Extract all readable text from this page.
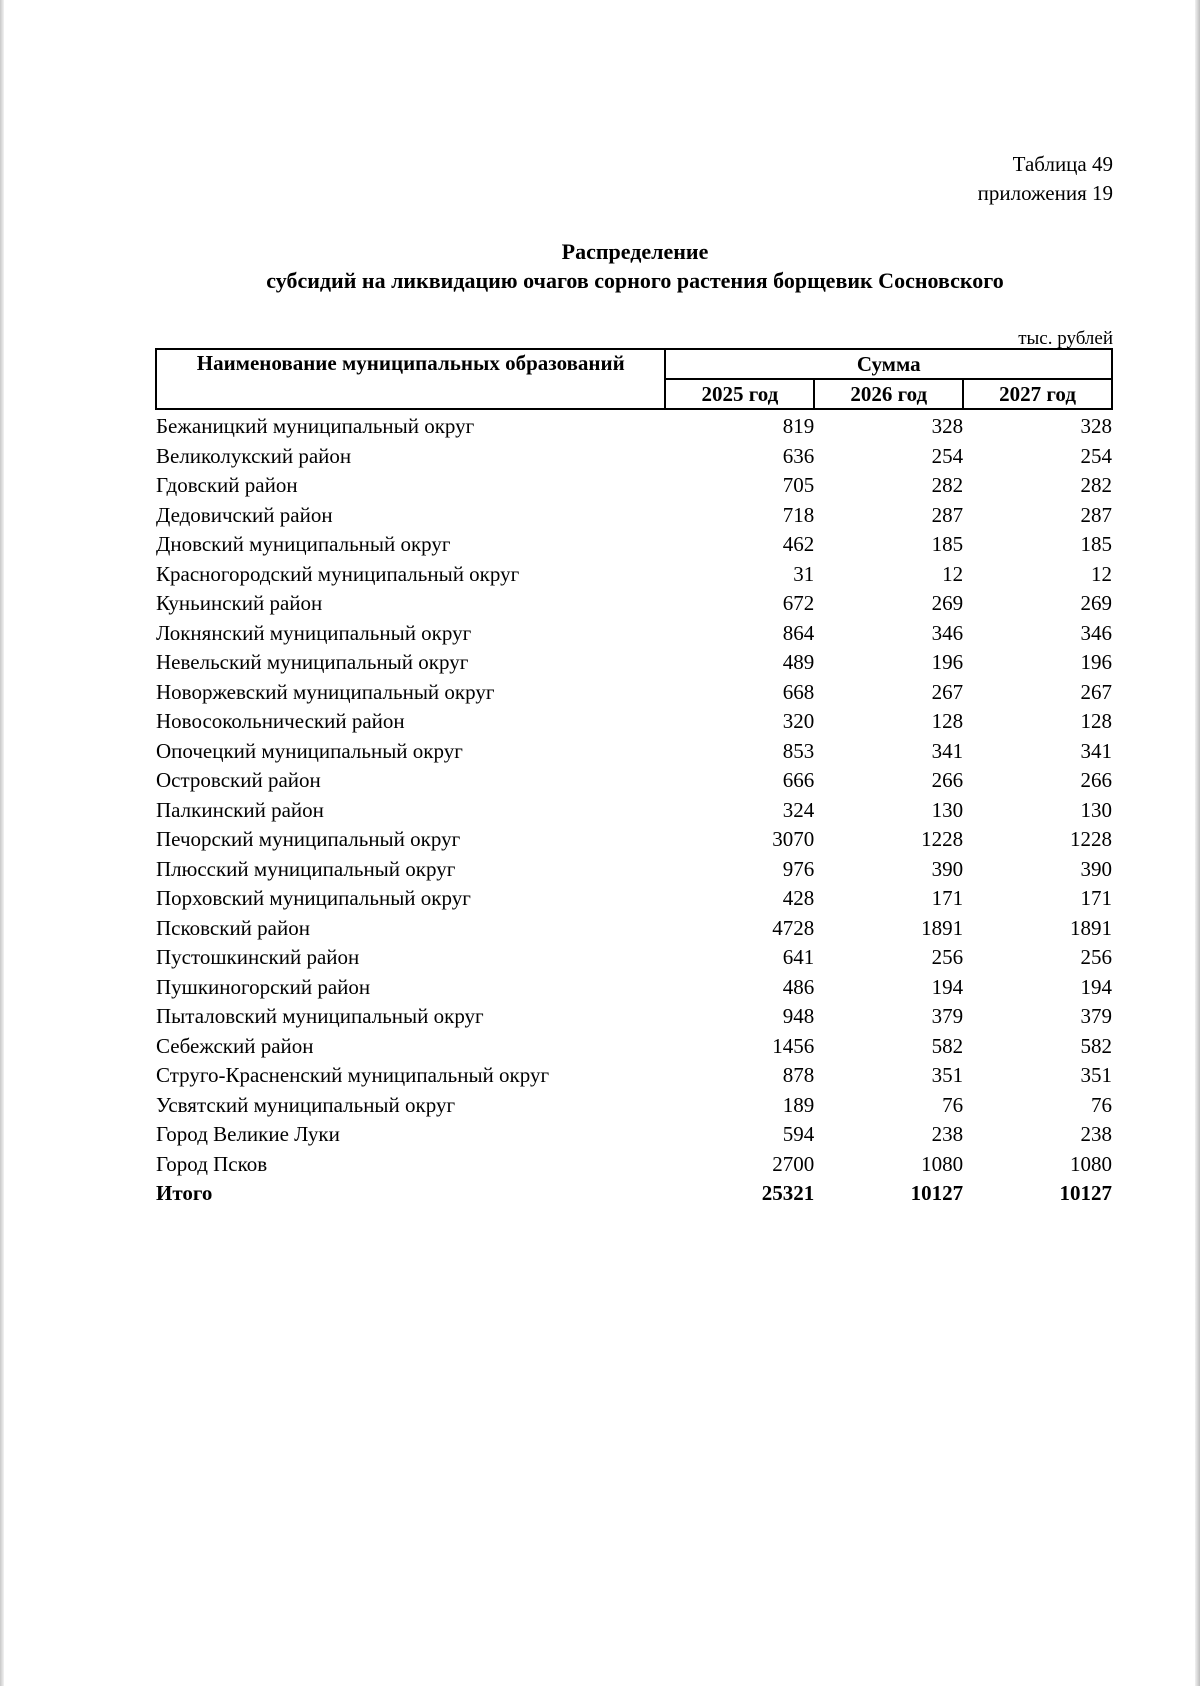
Таблица 49
приложения 19
Распределение
субсидий на ликвидацию очагов сорного растения борщевик Сосновского
тыс. рублей
Наименование муниципальных образований	Сумма		
	2025 год	2026 год	2027 год
Бежаницкий муниципальный округ	819	328	328
Великолукский район	636	254	254
Гдовский район	705	282	282
Дедовичский район	718	287	287
Дновский муниципальный округ	462	185	185
Красногородский муниципальный округ	31	12	12
Куньинский район	672	269	269
Локнянский муниципальный округ	864	346	346
Невельский муниципальный округ	489	196	196
Новоржевский муниципальный округ	668	267	267
Новосокольнический район	320	128	128
Опочецкий муниципальный округ	853	341	341
Островский район	666	266	266
Палкинский район	324	130	130
Печорский муниципальный округ	3070	1228	1228
Плюсский муниципальный округ	976	390	390
Порховский муниципальный округ	428	171	171
Псковский район	4728	1891	1891
Пустошкинский район	641	256	256
Пушкиногорский район	486	194	194
Пыталовский муниципальный округ	948	379	379
Себежский район	1456	582	582
Струго-Красненский муниципальный округ	878	351	351
Усвятский муниципальный округ	189	76	76
Город Великие Луки	594	238	238
Город Псков	2700	1080	1080
Итого	25321	10127	10127
